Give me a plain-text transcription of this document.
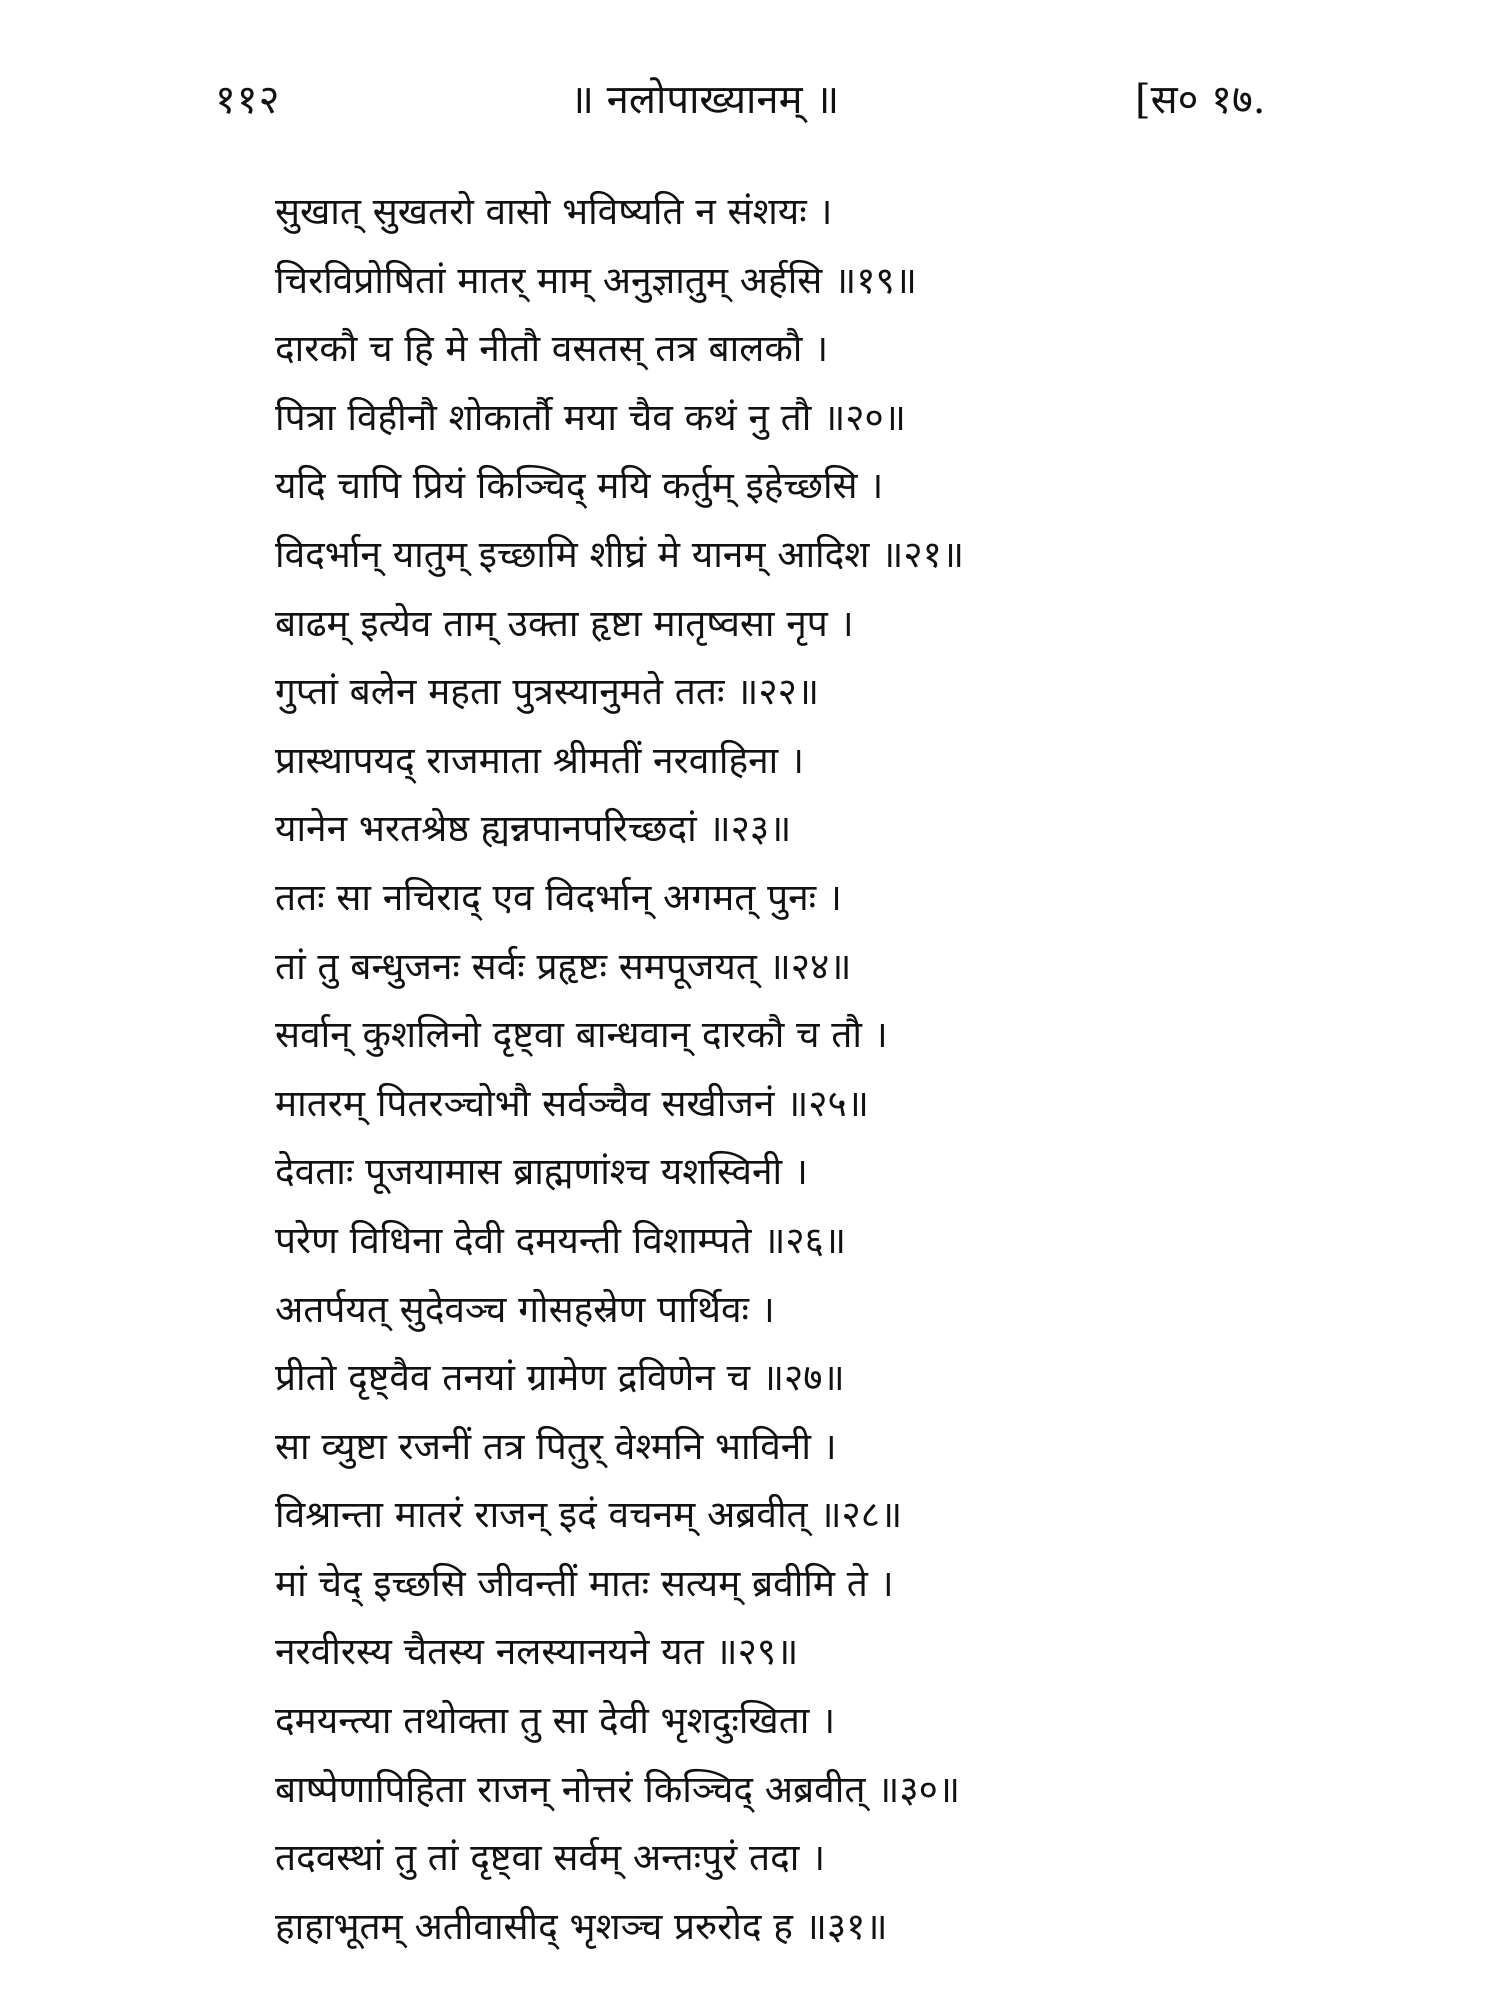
११२	॥ नलोपाख्यानम् ॥	[स० १७.
सुखात् सुखतरो वासो भविष्यति न संशयः ।
चिरविप्रोषितां मातर् माम् अनुज्ञातुम् अर्हसि ॥१९॥
दारकौ च हि मे नीतौ वसतस् तत्र बालकौ ।
पित्रा विहीनौ शोकार्तौ मया चैव कथं नु तौ ॥२०॥
यदि चापि प्रियं किञ्चिद् मयि कर्तुम् इहेच्छसि ।
विदर्भान् यातुम् इच्छामि शीघ्रं मे यानम् आदिश ॥२१॥
बाढम् इत्येव ताम् उक्ता हृष्टा मातृष्वसा नृप ।
गुप्तां बलेन महता पुत्रस्यानुमते ततः ॥२२॥
प्रास्थापयद् राजमाता श्रीमतीं नरवाहिना ।
यानेन भरतश्रेष्ठ ह्यन्नपानपरिच्छदां ॥२३॥
ततः सा नचिराद् एव विदर्भान् अगमत् पुनः ।
तां तु बन्धुजनः सर्वः प्रहृष्टः समपूजयत् ॥२४॥
सर्वान् कुशलिनो दृष्ट्वा बान्धवान् दारकौ च तौ ।
मातरम् पितरञ्चोभौ सर्वञ्चैव सखीजनं ॥२५॥
देवताः पूजयामास ब्राह्मणांश्च यशस्विनी ।
परेण विधिना देवी दमयन्ती विशाम्पते ॥२६॥
अतर्पयत् सुदेवञ्च गोसहस्रेण पार्थिवः ।
प्रीतो दृष्ट्वैव तनयां ग्रामेण द्रविणेन च ॥२७॥
सा व्युष्टा रजनीं तत्र पितुर् वेश्मनि भाविनी ।
विश्रान्ता मातरं राजन् इदं वचनम् अब्रवीत् ॥२८॥
मां चेद् इच्छसि जीवन्तीं मातः सत्यम् ब्रवीमि ते ।
नरवीरस्य चैतस्य नलस्यानयने यत ॥२९॥
दमयन्त्या तथोक्ता तु सा देवी भृशदुःखिता ।
बाष्पेणापिहिता राजन् नोत्तरं किञ्चिद् अब्रवीत् ॥३०॥
तदवस्थां तु तां दृष्ट्वा सर्वम् अन्तःपुरं तदा ।
हाहाभूतम् अतीवासीद् भृशञ्च प्ररुरोद ह ॥३१॥
